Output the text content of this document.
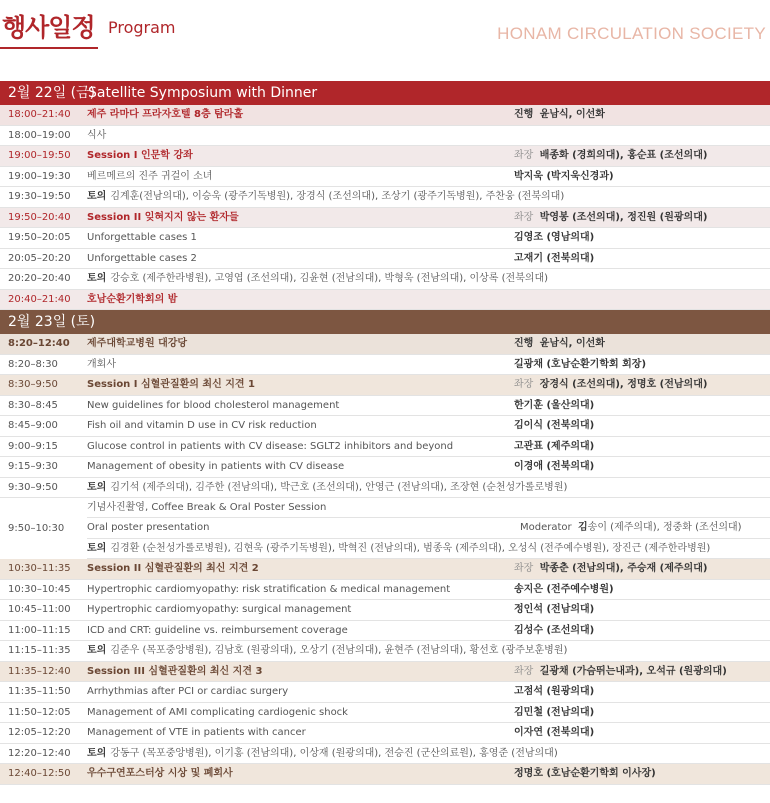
행사일정 Program	HONAM CIRCULATION SOCIETY
2월 22일 (금)
Satellite Symposium with Dinner
18:00–21:40	제주 라마다 프라자호텔 8층 탐라홀	진행 윤남식, 이선화
18:00–19:00	식사
19:00–19:50	Session I 인문학 강좌	좌장 배종화 (경희의대), 홍순표 (조선의대)
19:00–19:30	베르메르의 진주 귀걸이 소녀	박지욱 (박지욱신경과)
19:30–19:50	토의 김계훈(전남의대), 이승욱 (광주기독병원), 장경식 (조선의대), 조상기 (광주기독병원), 주찬웅 (전북의대)
19:50–20:40	Session II 잊혀지지 않는 환자들	좌장 박영봉 (조선의대), 정진원 (원광의대)
19:50–20:05	Unforgettable cases 1	김영조 (영남의대)
20:05–20:20	Unforgettable cases 2	고재기 (전북의대)
20:20–20:40	토의 강승호 (제주한라병원), 고영엽 (조선의대), 김윤현 (전남의대), 박형욱 (전남의대), 이상록 (전북의대)
20:40–21:40	호남순환기학회의 밤
2월 23일 (토)
8:20–12:40	제주대학교병원 대강당	진행 윤남식, 이선화
8:20–8:30	개회사	길광채 (호남순환기학회 회장)
8:30–9:50	Session I 심혈관질환의 최신 지견 1	좌장 장경식 (조선의대), 정명호 (전남의대)
8:30–8:45	New guidelines for blood cholesterol management	한기훈 (울산의대)
8:45–9:00	Fish oil and vitamin D use in CV risk reduction	김이식 (전북의대)
9:00–9:15	Glucose control in patients with CV disease: SGLT2 inhibitors and beyond	고관표 (제주의대)
9:15–9:30	Management of obesity in patients with CV disease	이경애 (전북의대)
9:30–9:50	토의 김기석 (제주의대), 김주한 (전남의대), 박근호 (조선의대), 안영근 (전남의대), 조장현 (순천성가롤로병원)
9:50–10:30
기념사진촬영, Coffee Break & Oral Poster Session
Oral poster presentation	Moderator 김송이 (제주의대), 정중화 (조선의대)
토의 김경환 (순천성가롤로병원), 김현욱 (광주기독병원), 박혁진 (전남의대), 범종욱 (제주의대), 오성식 (전주예수병원), 장진근 (제주한라병원)
10:30–11:35	Session II 심혈관질환의 최신 지견 2	좌장 박종춘 (전남의대), 주승재 (제주의대)
10:30–10:45	Hypertrophic cardiomyopathy: risk stratification & medical management	송지은 (전주예수병원)
10:45–11:00	Hypertrophic cardiomyopathy: surgical management	정인석 (전남의대)
11:00–11:15	ICD and CRT: guideline vs. reimbursement coverage	김성수 (조선의대)
11:15–11:35	토의 김준우 (목포중앙병원), 김남호 (원광의대), 오상기 (전남의대), 윤현주 (전남의대), 황선호 (광주보훈병원)
11:35–12:40	Session III 심혈관질환의 최신 지견 3	좌장 길광채 (가슴뛰는내과), 오석규 (원광의대)
11:35–11:50	Arrhythmias after PCI or cardiac surgery	고점석 (원광의대)
11:50–12:05	Management of AMI complicating cardiogenic shock	김민철 (전남의대)
12:05–12:20	Management of VTE in patients with cancer	이자연 (전북의대)
12:20–12:40	토의 강동구 (목포중앙병원), 이기홍 (전남의대), 이상재 (원광의대), 전승진 (군산의료원), 홍영준 (전남의대)
12:40–12:50	우수구연포스터상 시상 및 폐회사	정명호 (호남순환기학회 이사장)
